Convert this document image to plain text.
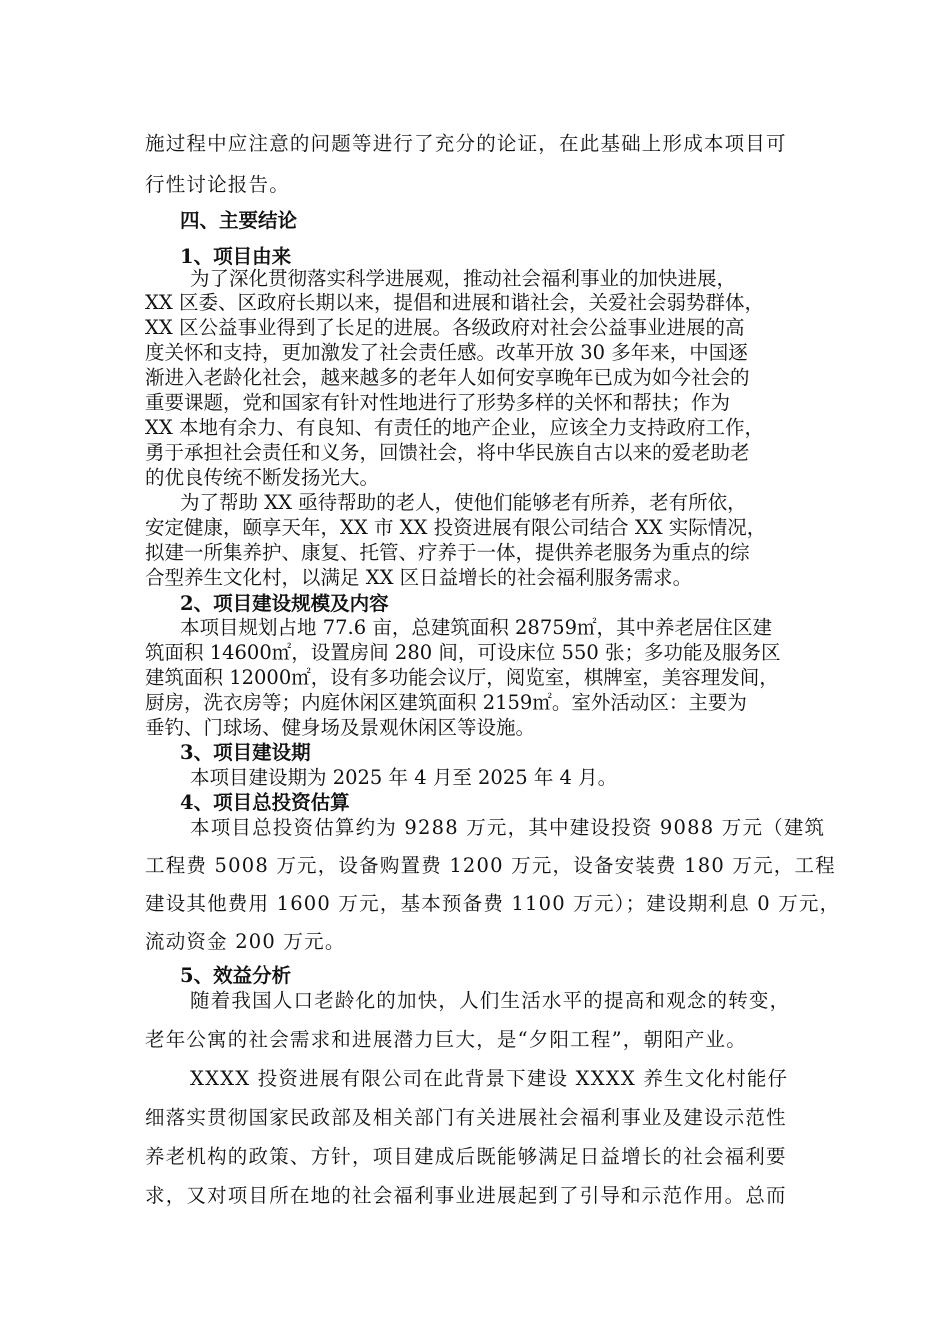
施过程中应注意的问题等进行了充分的论证，在此基础上形成本项目可
行性讨论报告。
四、主要结论
1、项目由来
为了深化贯彻落实科学进展观，推动社会福利事业的加快进展，
XX 区委、区政府长期以来，提倡和进展和谐社会，关爱社会弱势群体，
XX 区公益事业得到了长足的进展。各级政府对社会公益事业进展的高
度关怀和支持，更加激发了社会责任感。改革开放 30 多年来，中国逐
渐进入老龄化社会，越来越多的老年人如何安享晚年已成为如今社会的
重要课题，党和国家有针对性地进行了形势多样的关怀和帮扶；作为
XX 本地有余力、有良知、有责任的地产企业，应该全力支持政府工作，
勇于承担社会责任和义务，回馈社会，将中华民族自古以来的爱老助老
的优良传统不断发扬光大。
为了帮助 XX 亟待帮助的老人，使他们能够老有所养，老有所依，
安定健康，颐享天年，XX 市 XX 投资进展有限公司结合 XX 实际情况，
拟建一所集养护、康复、托管、疗养于一体，提供养老服务为重点的综
合型养生文化村，以满足 XX 区日益增长的社会福利服务需求。
2、项目建设规模及内容
本项目规划占地 77.6 亩，总建筑面积 28759㎡，其中养老居住区建
筑面积 14600㎡，设置房间 280 间，可设床位 550 张；多功能及服务区
建筑面积 12000㎡，设有多功能会议厅，阅览室，棋牌室，美容理发间，
厨房，洗衣房等；内庭休闲区建筑面积 2159㎡。室外活动区：主要为
垂钓、门球场、健身场及景观休闲区等设施。
3、项目建设期
本项目建设期为 2025 年 4 月至 2025 年 4 月。
4、项目总投资估算
本项目总投资估算约为 9288 万元，其中建设投资 9088 万元（建筑
工程费 5008 万元，设备购置费 1200 万元，设备安装费 180 万元，工程
建设其他费用 1600 万元，基本预备费 1100 万元）；建设期利息 0 万元，
流动资金 200 万元。
5、效益分析
随着我国人口老龄化的加快，人们生活水平的提高和观念的转变，
老年公寓的社会需求和进展潜力巨大，是“夕阳工程”，朝阳产业。
XXXX 投资进展有限公司在此背景下建设 XXXX 养生文化村能仔
细落实贯彻国家民政部及相关部门有关进展社会福利事业及建设示范性
养老机构的政策、方针，项目建成后既能够满足日益增长的社会福利要
求，又对项目所在地的社会福利事业进展起到了引导和示范作用。总而
